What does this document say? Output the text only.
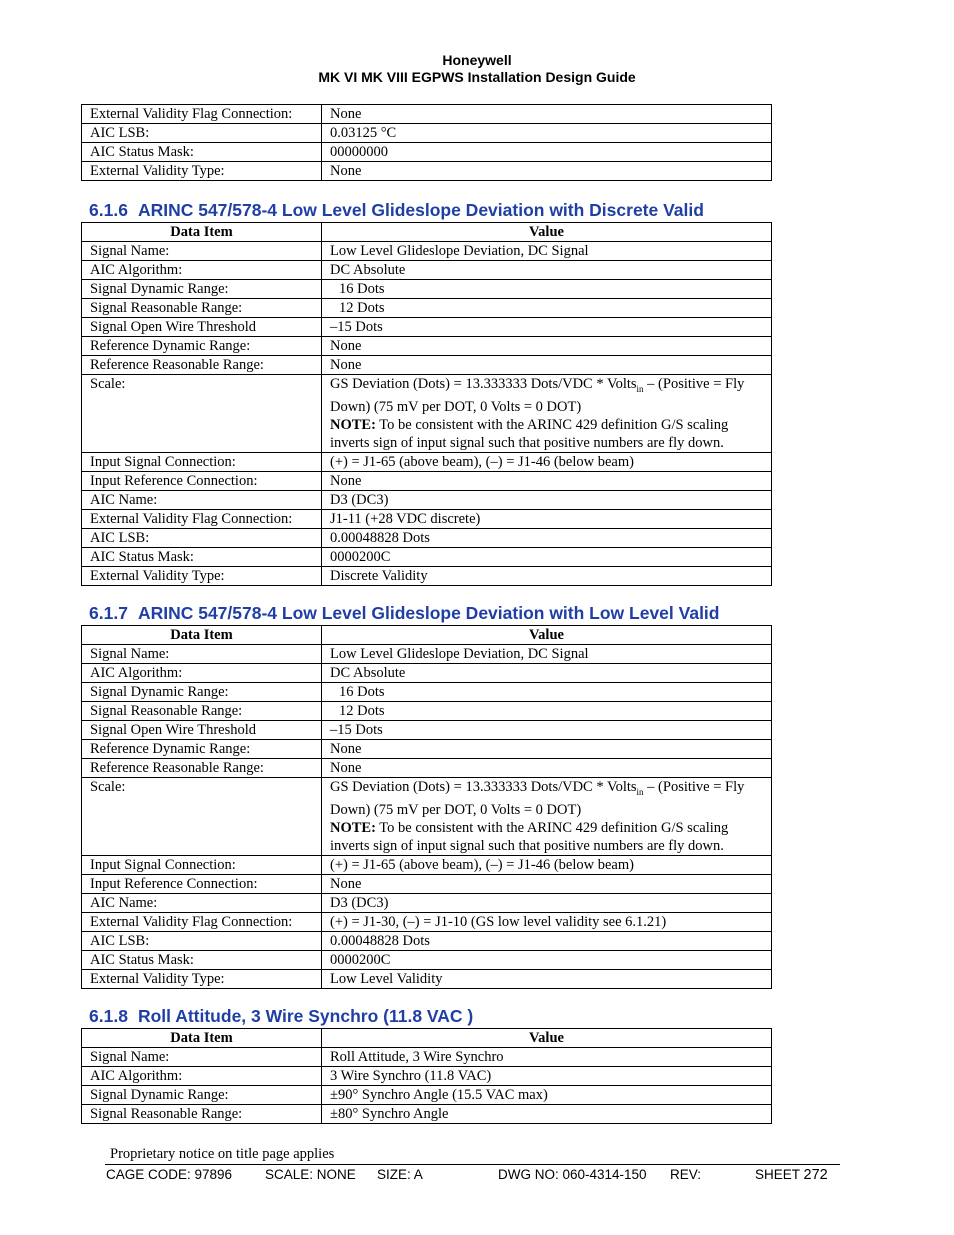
Honeywell
MK VI MK VIII EGPWS Installation Design Guide
External Validity Flag Connection:	None
AIC LSB:	0.03125 °C
AIC Status Mask:	00000000
External Validity Type:	None
6.1.6 ARINC 547/578-4 Low Level Glideslope Deviation with Discrete Valid
Data Item	Value
Signal Name:	Low Level Glideslope Deviation, DC Signal
AIC Algorithm:	DC Absolute
Signal Dynamic Range:	16 Dots
Signal Reasonable Range:	12 Dots
Signal Open Wire Threshold	–15 Dots
Reference Dynamic Range:	None
Reference Reasonable Range:	None
Scale:	GS Deviation (Dots) = 13.333333 Dots/VDC * Volts$_{in}$ – (Positive = Fly Down) (75 mV per DOT, 0 Volts = 0 DOT)
NOTE: To be consistent with the ARINC 429 definition G/S scaling inverts sign of input signal such that positive numbers are fly down.
Input Signal Connection:	(+) = J1-65 (above beam), (–) = J1-46 (below beam)
Input Reference Connection:	None
AIC Name:	D3 (DC3)
External Validity Flag Connection:	J1-11 (+28 VDC discrete)
AIC LSB:	0.00048828 Dots
AIC Status Mask:	0000200C
External Validity Type:	Discrete Validity
6.1.7 ARINC 547/578-4 Low Level Glideslope Deviation with Low Level Valid
Data Item	Value
Signal Name:	Low Level Glideslope Deviation, DC Signal
AIC Algorithm:	DC Absolute
Signal Dynamic Range:	16 Dots
Signal Reasonable Range:	12 Dots
Signal Open Wire Threshold	–15 Dots
Reference Dynamic Range:	None
Reference Reasonable Range:	None
Scale:	GS Deviation (Dots) = 13.333333 Dots/VDC * Volts$_{in}$ – (Positive = Fly Down) (75 mV per DOT, 0 Volts = 0 DOT)
NOTE: To be consistent with the ARINC 429 definition G/S scaling inverts sign of input signal such that positive numbers are fly down.
Input Signal Connection:	(+) = J1-65 (above beam), (–) = J1-46 (below beam)
Input Reference Connection:	None
AIC Name:	D3 (DC3)
External Validity Flag Connection:	(+) = J1-30, (–) = J1-10 (GS low level validity see 6.1.21)
AIC LSB:	0.00048828 Dots
AIC Status Mask:	0000200C
External Validity Type:	Low Level Validity
6.1.8 Roll Attitude, 3 Wire Synchro (11.8 VAC )
Data Item	Value
Signal Name:	Roll Attitude, 3 Wire Synchro
AIC Algorithm:	3 Wire Synchro (11.8 VAC)
Signal Dynamic Range:	±90° Synchro Angle (15.5 VAC max)
Signal Reasonable Range:	±80° Synchro Angle
Proprietary notice on title page applies
CAGE CODE: 97896 SCALE: NONE SIZE: A	DWG NO: 060-4314-150 REV:	SHEET 272
